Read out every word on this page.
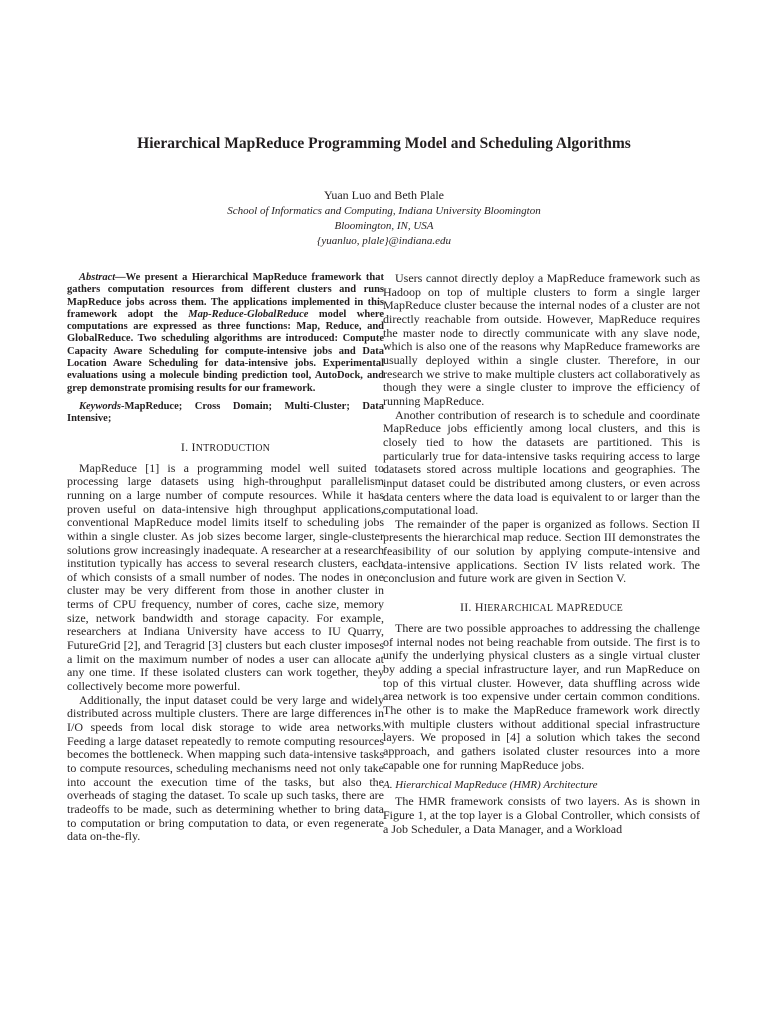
Hierarchical MapReduce Programming Model and Scheduling Algorithms
Yuan Luo and Beth Plale
School of Informatics and Computing, Indiana University Bloomington
Bloomington, IN, USA
{yuanluo, plale}@indiana.edu

Abstract—We present a Hierarchical MapReduce framework that gathers computation resources from different clusters and runs MapReduce jobs across them. The applications implemented in this framework adopt the Map-Reduce-GlobalReduce model where computations are expressed as three functions: Map, Reduce, and GlobalReduce. Two scheduling algorithms are introduced: Compute Capacity Aware Scheduling for compute-intensive jobs and Data Location Aware Scheduling for data-intensive jobs. Experimental evaluations using a molecule binding prediction tool, AutoDock, and grep demonstrate promising results for our framework.

Keywords-MapReduce; Cross Domain; Multi-Cluster; Data Intensive;

I. INTRODUCTION

MapReduce [1] is a programming model well suited to processing large datasets using high-throughput parallelism running on a large number of compute resources. While it has proven useful on data-intensive high throughput applications, conventional MapReduce model limits itself to scheduling jobs within a single cluster. As job sizes become larger, single-cluster solutions grow increasingly inadequate. A researcher at a research institution typically has access to several research clusters, each of which consists of a small number of nodes. The nodes in one cluster may be very different from those in another cluster in terms of CPU frequency, number of cores, cache size, memory size, network bandwidth and storage capacity. For example, researchers at Indiana University have access to IU Quarry, FutureGrid [2], and Teragrid [3] clusters but each cluster imposes a limit on the maximum number of nodes a user can allocate at any one time. If these isolated clusters can work together, they collectively become more powerful.

Additionally, the input dataset could be very large and widely distributed across multiple clusters. There are large differences in I/O speeds from local disk storage to wide area networks. Feeding a large dataset repeatedly to remote computing resources becomes the bottleneck. When mapping such data-intensive tasks to compute resources, scheduling mechanisms need not only take into account the execution time of the tasks, but also the overheads of staging the dataset. To scale up such tasks, there are tradeoffs to be made, such as determining whether to bring data to computation or bring computation to data, or even regenerate data on-the-fly.

Users cannot directly deploy a MapReduce framework such as Hadoop on top of multiple clusters to form a single larger MapReduce cluster because the internal nodes of a cluster are not directly reachable from outside. However, MapReduce requires the master node to directly communicate with any slave node, which is also one of the reasons why MapReduce frameworks are usually deployed within a single cluster. Therefore, in our research we strive to make multiple clusters act collaboratively as though they were a single cluster to improve the efficiency of running MapReduce.

Another contribution of research is to schedule and coordinate MapReduce jobs efficiently among local clusters, and this is closely tied to how the datasets are partitioned. This is particularly true for data-intensive tasks requiring access to large datasets stored across multiple locations and geographies. The input dataset could be distributed among clusters, or even across data centers where the data load is equivalent to or larger than the computational load.

The remainder of the paper is organized as follows. Section II presents the hierarchical map reduce. Section III demonstrates the feasibility of our solution by applying compute-intensive and data-intensive applications. Section IV lists related work. The conclusion and future work are given in Section V.

II. HIERARCHICAL MAPREDUCE

There are two possible approaches to addressing the challenge of internal nodes not being reachable from outside. The first is to unify the underlying physical clusters as a single virtual cluster by adding a special infrastructure layer, and run MapReduce on top of this virtual cluster. However, data shuffling across wide area network is too expensive under certain common conditions. The other is to make the MapReduce framework work directly with multiple clusters without additional special infrastructure layers. We proposed in [4] a solution which takes the second approach, and gathers isolated cluster resources into a more capable one for running MapReduce jobs.

A. Hierarchical MapReduce (HMR) Architecture

The HMR framework consists of two layers. As is shown in Figure 1, at the top layer is a Global Controller, which consists of a Job Scheduler, a Data Manager, and a Workload
